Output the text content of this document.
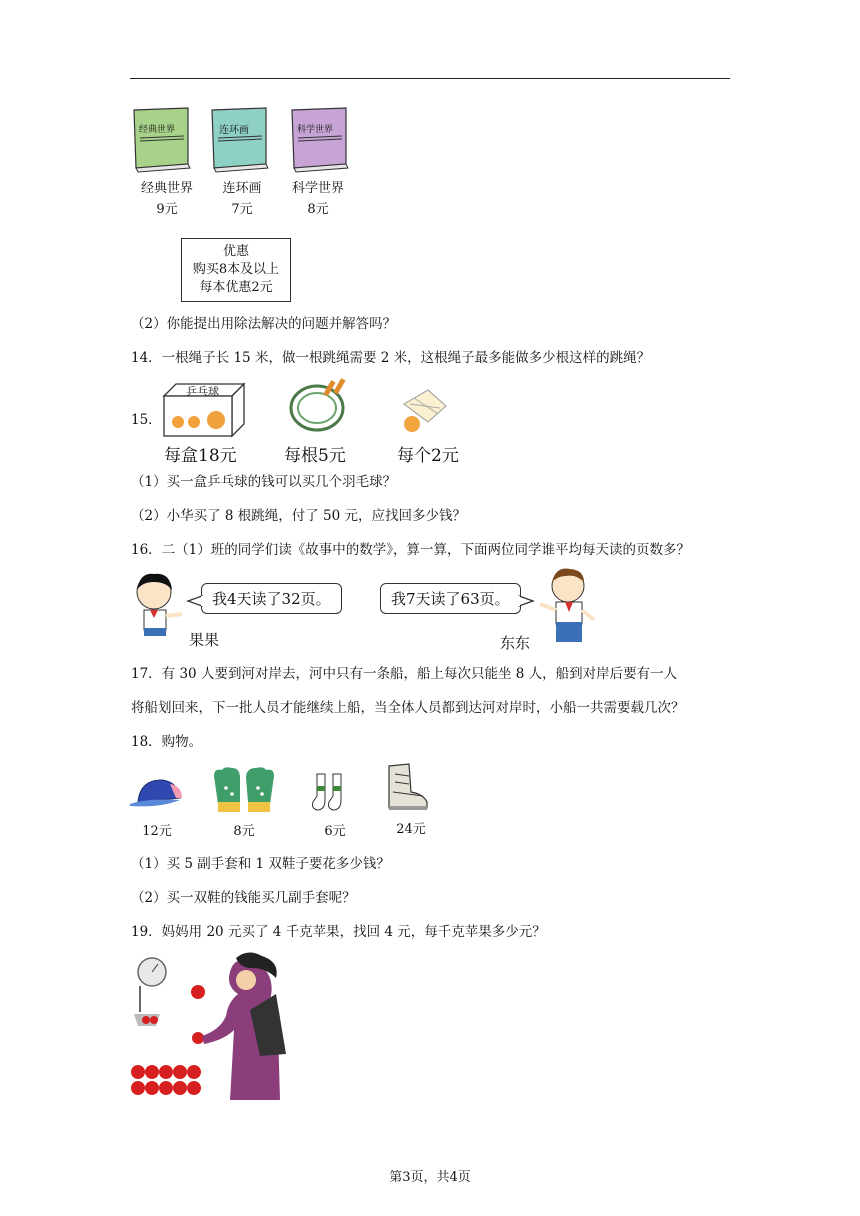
经典世界	连环画	科学世界
经典世界
9元
连环画
7元
科学世界
8元
优惠
购买8本及以上
每本优惠2元
（2）你能提出用除法解决的问题并解答吗？
14．一根绳子长 15 米，做一根跳绳需要 2 米，这根绳子最多能做多少根这样的跳绳？
15．
乒乓球
每盒18元	每根5元	每个2元
（1）买一盒乒乓球的钱可以买几个羽毛球？
（2）小华买了 8 根跳绳，付了 50 元，应找回多少钱？
16．二（1）班的同学们读《故事中的数学》，算一算，下面两位同学谁平均每天读的页数多？
我4天读了32页。
果果
我7天读了63页。
东东
17．有 30 人要到河对岸去，河中只有一条船，船上每次只能坐 8 人，船到对岸后要有一人
将船划回来，下一批人员才能继续上船，当全体人员都到达河对岸时，小船一共需要载几次？
18．购物。
12元	8元	6元	24元
（1）买 5 副手套和 1 双鞋子要花多少钱？
（2）买一双鞋的钱能买几副手套呢？
19．妈妈用 20 元买了 4 千克苹果，找回 4 元，每千克苹果多少元？
第3页，共4页
